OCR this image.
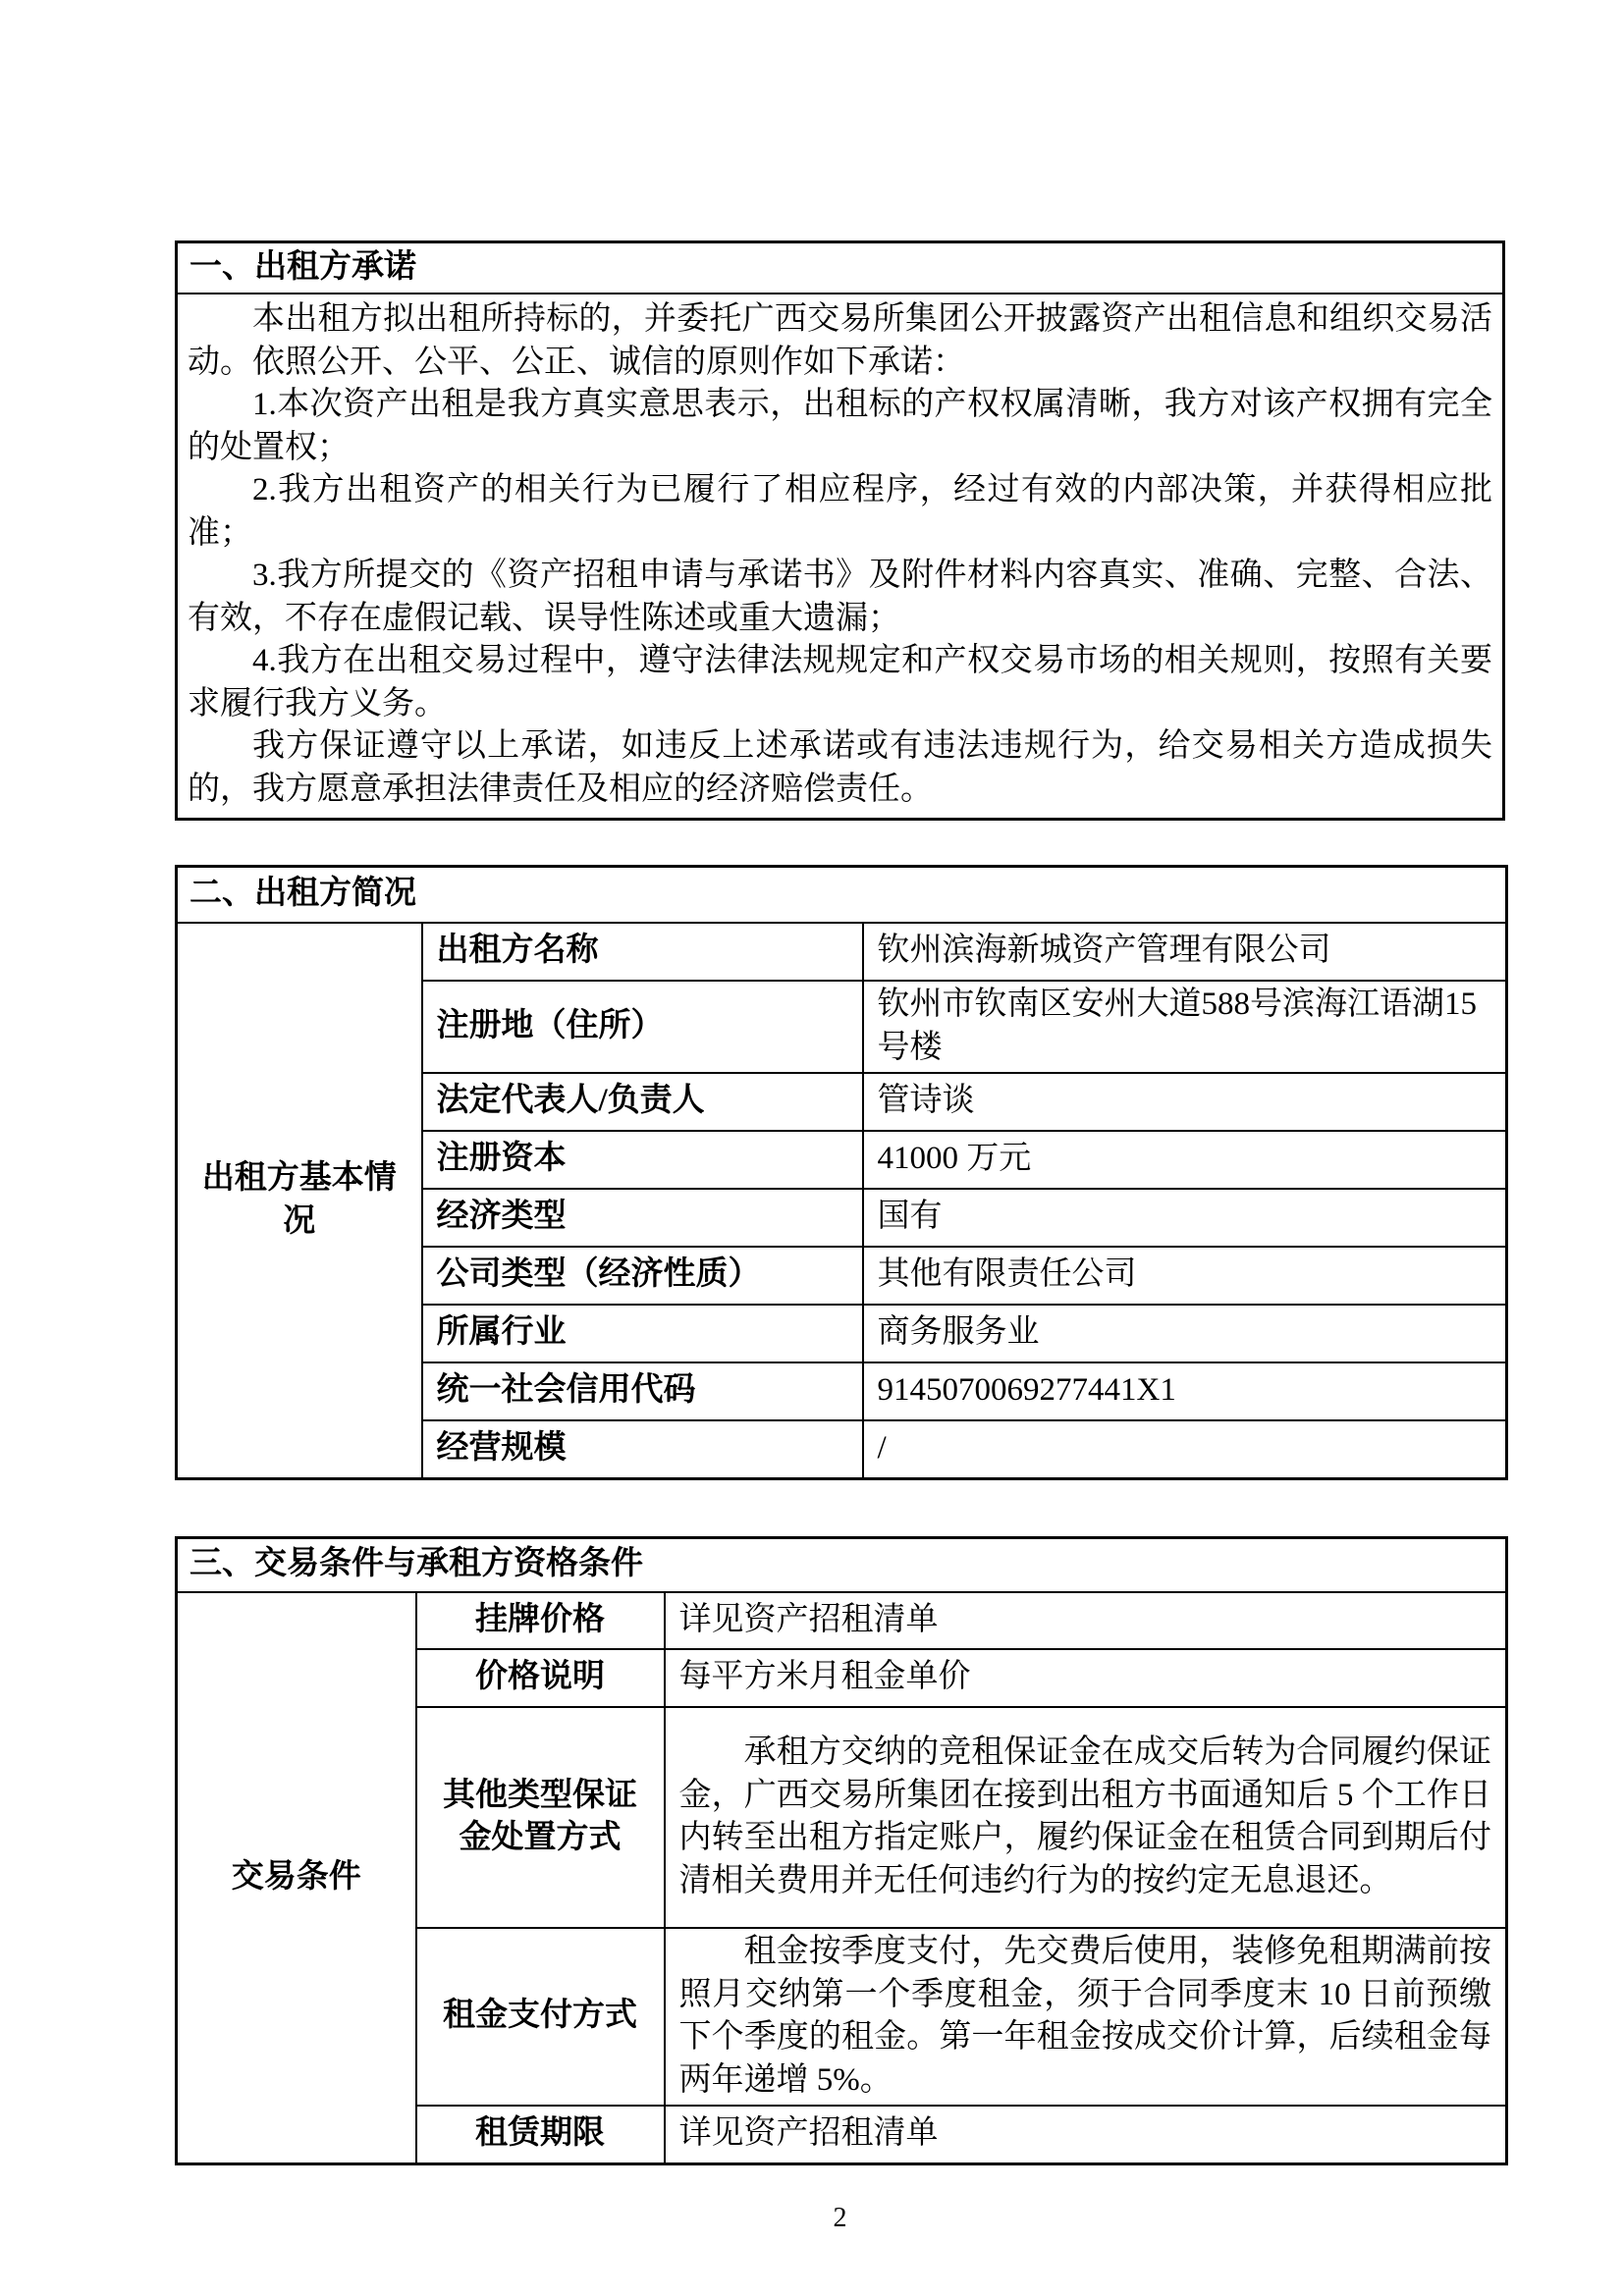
一、出租方承诺

本出租方拟出租所持标的，并委托广西交易所集团公开披露资产出租信息和组织交易活动。依照公开、公平、公正、诚信的原则作如下承诺：

1.本次资产出租是我方真实意思表示，出租标的产权权属清晰，我方对该产权拥有完全的处置权；

2.我方出租资产的相关行为已履行了相应程序，经过有效的内部决策，并获得相应批准；

3.我方所提交的《资产招租申请与承诺书》及附件材料内容真实、准确、完整、合法、有效，不存在虚假记载、误导性陈述或重大遗漏；

4.我方在出租交易过程中，遵守法律法规规定和产权交易市场的相关规则，按照有关要求履行我方义务。

我方保证遵守以上承诺，如违反上述承诺或有违法违规行为，给交易相关方造成损失的，我方愿意承担法律责任及相应的经济赔偿责任。

二、出租方简况		
出租方基本情况	出租方名称	钦州滨海新城资产管理有限公司
	注册地（住所）	钦州市钦南区安州大道588号滨海江语湖15号楼
	法定代表人/负责人	管诗谈
	注册资本	41000 万元
	经济类型	国有
	公司类型（经济性质）	其他有限责任公司
	所属行业	商务服务业
	统一社会信用代码	9145070069277441X1
	经营规模	/
三、交易条件与承租方资格条件		
交易条件	挂牌价格	详见资产招租清单
	价格说明	每平方米月租金单价
	其他类型保证金处置方式	承租方交纳的竞租保证金在成交后转为合同履约保证金，广西交易所集团在接到出租方书面通知后 5 个工作日内转至出租方指定账户，履约保证金在租赁合同到期后付清相关费用并无任何违约行为的按约定无息退还。

	租金支付方式	租金按季度支付，先交费后使用，装修免租期满前按照月交纳第一个季度租金，须于合同季度末 10 日前预缴下个季度的租金。第一年租金按成交价计算，后续租金每两年递增 5%。

	租赁期限	详见资产招租清单
2
